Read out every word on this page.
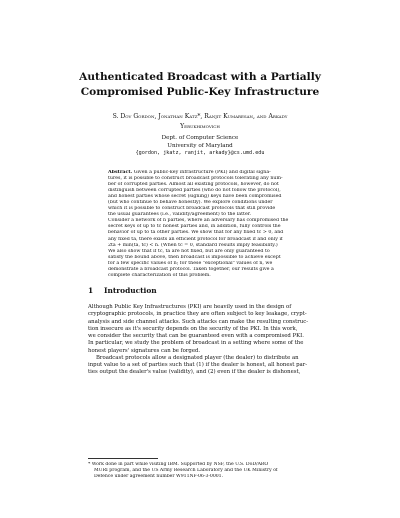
Authenticated Broadcast with a Partially
Compromised Public-Key Infrastructure
S. Dov Gordon, Jonathan Katz*, Ranjit Kumaresan, and Arkady
Yerukhimovich
Dept. of Computer Science
University of Maryland
{gordon, jkatz, ranjit, arkady}@cs.umd.edu
Abstract. Given a public-key infrastructure (PKI) and digital signa-
tures, it is possible to construct broadcast protocols tolerating any num-
ber of corrupted parties. Almost all existing protocols, however, do not
distinguish between corrupted parties (who do not follow the protocol),
and honest parties whose secret (signing) keys have been compromised
(but who continue to behave honestly). We explore conditions under
which it is possible to construct broadcast protocols that still provide
the usual guarantees (i.e., validity/agreement) to the latter.
Consider a network of n parties, where an adversary has compromised the
secret keys of up to tc honest parties and, in addition, fully controls the
behavior of up to ta other parties. We show that for any fixed tc > 0, and
any fixed ta, there exists an efficient protocol for broadcast if and only if
2ta + min(ta, tc) < n. (When tc = 0, standard results imply feasibility.)
We also show that if tc, ta are not fixed, but are only guaranteed to
satisfy the bound above, then broadcast is impossible to achieve except
for a few specific values of n; for these "exceptional" values of n, we
demonstrate a broadcast protocol. Taken together, our results give a
complete characterization of this problem.
1 Introduction
Although Public Key Infrastructures (PKI) are heavily used in the design of
cryptographic protocols, in practice they are often subject to key leakage, crypt-
analysis and side channel attacks. Such attacks can make the resulting construc-
tion insecure as it's security depends on the security of the PKI. In this work,
we consider the security that can be guaranteed even with a compromised PKI.
In particular, we study the problem of broadcast in a setting where some of the
honest players' signatures can be forged.
Broadcast protocols allow a designated player (the dealer) to distribute an
input value to a set of parties such that (1) if the dealer is honest, all honest par-
ties output the dealer's value (validity), and (2) even if the dealer is dishonest,
* Work done in part while visiting IBM. Supported by NSF, the U.S. DoD/ARO
MURI program, and the US Army Research Laboratory and the UK Ministry of
Defence under agreement number W911NF-06-3-0001.
